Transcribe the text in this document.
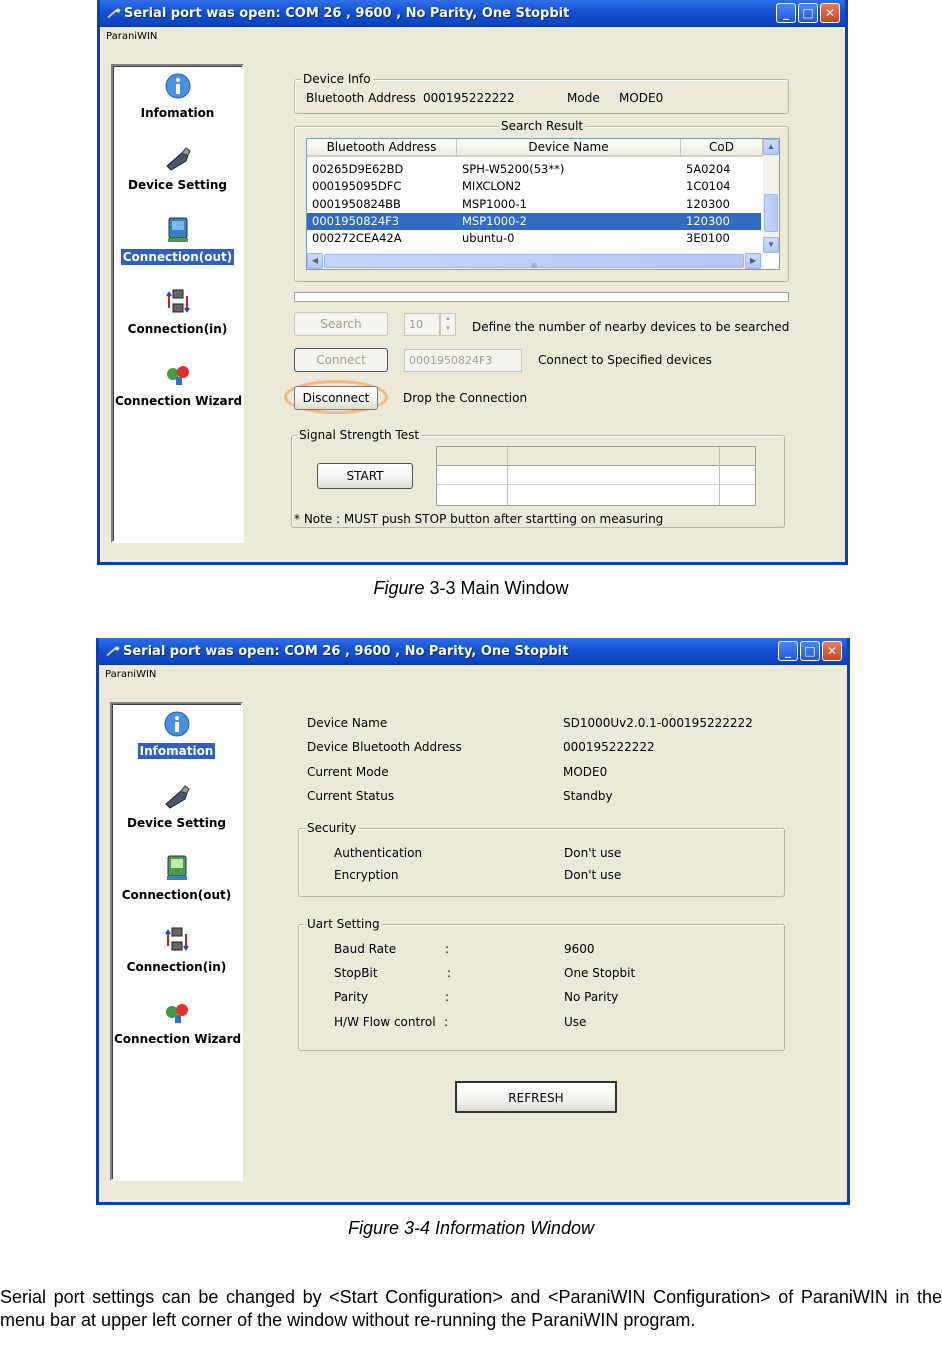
Serial port was open: COM 26 , 9600 , No Parity, One Stopbit	_	□ ✕
ParaniWIN
Infomation
Device Setting
Connection(out)
Connection(in)
Connection Wizard
Device Info
Bluetooth Address 000195222222	Mode MODE0
Search Result
Bluetooth Address	Device Name	CoD
00265D9E62BD	SPH-W5200(53**)	5A0204
000195095DFC	MIXCLON2	1C0104
0001950824BB	MSP1000-1	120300
0001950824F3	MSP1000-2	120300
000272CEA42A	ubuntu-0	3E0100
▲
▼
◀
III
▶
Search	10	▲
▼	Define the number of nearby devices to be searched
Connect	0001950824F3	Connect to Specified devices
Disconnect	Drop the Connection
Signal Strength Test
START
* Note : MUST push STOP button after startting on measuring
Figure 3-3 Main Window
Serial port was open: COM 26 , 9600 , No Parity, One Stopbit	_	□ ✕
ParaniWIN
Infomation
Device Setting
Connection(out)
Connection(in)
Connection Wizard
Device Name	SD1000Uv2.0.1-000195222222
Device Bluetooth Address	000195222222
Current Mode	MODE0
Current Status	Standby
Security
Authentication	Don't use
Encryption	Don't use
Uart Setting
Baud Rate	:	9600
StopBit	:	One Stopbit
Parity	:	No Parity
H/W Flow control :	Use
REFRESH
Figure 3-4 Information Window
Serial port settings can be changed by <Start Configuration> and <ParaniWIN Configuration> of ParaniWIN in the menu bar at upper left corner of the window without re-running the ParaniWIN program.
